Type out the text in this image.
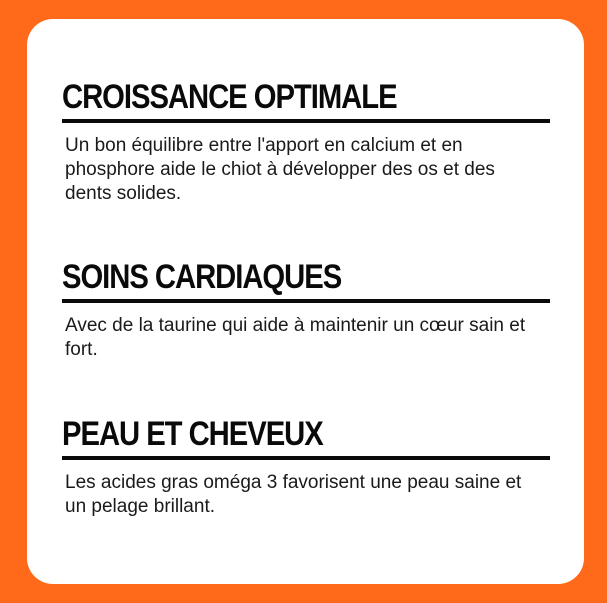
CROISSANCE OPTIMALE
Un bon équilibre entre l'apport en calcium et en phosphore aide le chiot à développer des os et des dents solides.
SOINS CARDIAQUES
Avec de la taurine qui aide à maintenir un cœur sain et fort.
PEAU ET CHEVEUX
Les acides gras oméga 3 favorisent une peau saine et un pelage brillant.
